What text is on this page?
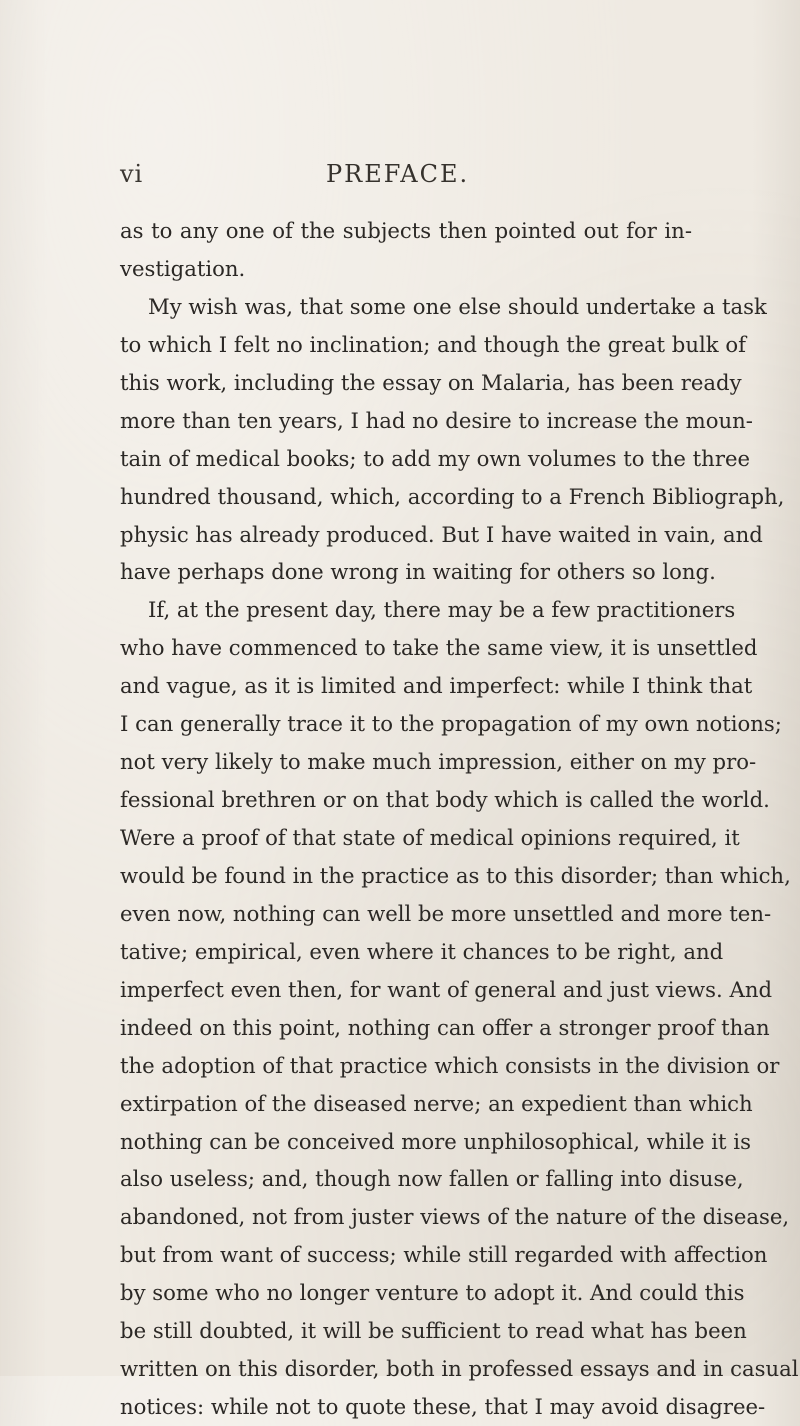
vi	PREFACE.
as to any one of the subjects then pointed out for in-
vestigation.
My wish was, that some one else should undertake a task
to which I felt no inclination; and though the great bulk of
this work, including the essay on Malaria, has been ready
more than ten years, I had no desire to increase the moun-
tain of medical books; to add my own volumes to the three
hundred thousand, which, according to a French Bibliograph,
physic has already produced. But I have waited in vain, and
have perhaps done wrong in waiting for others so long.
If, at the present day, there may be a few practitioners
who have commenced to take the same view, it is unsettled
and vague, as it is limited and imperfect: while I think that
I can generally trace it to the propagation of my own notions;
not very likely to make much impression, either on my pro-
fessional brethren or on that body which is called the world.
Were a proof of that state of medical opinions required, it
would be found in the practice as to this disorder; than which,
even now, nothing can well be more unsettled and more ten-
tative; empirical, even where it chances to be right, and
imperfect even then, for want of general and just views. And
indeed on this point, nothing can offer a stronger proof than
the adoption of that practice which consists in the division or
extirpation of the diseased nerve; an expedient than which
nothing can be conceived more unphilosophical, while it is
also useless; and, though now fallen or falling into disuse,
abandoned, not from juster views of the nature of the disease,
but from want of success; while still regarded with affection
by some who no longer venture to adopt it. And could this
be still doubted, it will be sufficient to read what has been
written on this disorder, both in professed essays and in casual
notices: while not to quote these, that I may avoid disagree-
